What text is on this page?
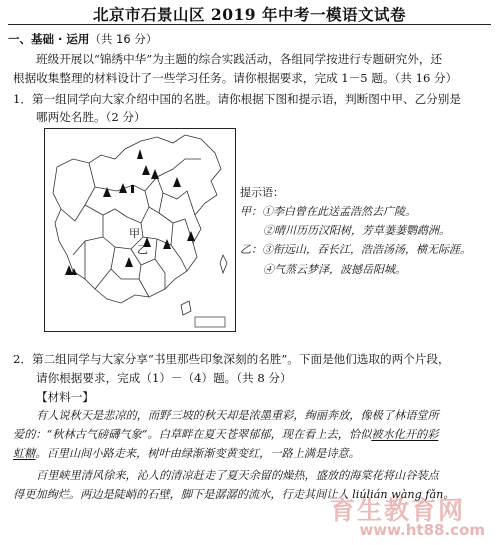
北京市石景山区 2019 年中考一模语文试卷
一、基础 · 运用（共 16 分）
班级开展以“锦绣中华”为主题的综合实践活动，各组同学按进行专题研究外，还
根据收集整理的材料设计了一些学习任务。请你根据要求，完成 1－5 题。（共 16 分）
1．第一组同学向大家介绍中国的名胜。请你根据下图和提示语，判断图中甲、乙分别是
哪两处名胜。（2 分）
甲
乙
提示语：
甲：①李白曾在此送孟浩然去广陵。
②晴川历历汉阳树，芳草萋萋鹦鹉洲。
乙：③衔远山，吞长江，浩浩汤汤，横无际涯。
④气蒸云梦泽，波撼岳阳城。
2．第二组同学与大家分享“书里那些印象深刻的名胜”。下面是他们选取的两个片段，
请你根据要求，完成（1）－（4）题。（共 8 分）
【材料一】
有人说秋天是悲凉的，而野三坡的秋天却是浓墨重彩，绚丽奔放，像极了林语堂所
爱的：“秋林古气磅礴气象”。白草畔在夏天苍翠郁郁，现在看上去，恰似被水化开的彩
虹糖。百里山间小路走来，树叶由绿渐渐变黄变红，一路上满是诗意。
百里峡里清风徐来，沁人的清凉赶走了夏天余留的燥热，盛放的海棠花将山谷装点
得更加绚烂。两边是陡峭的石壁，脚下是潺潺的流水，行走其间让人 liúlián wàng fǎn。
育生教育网
www.ht88.com
